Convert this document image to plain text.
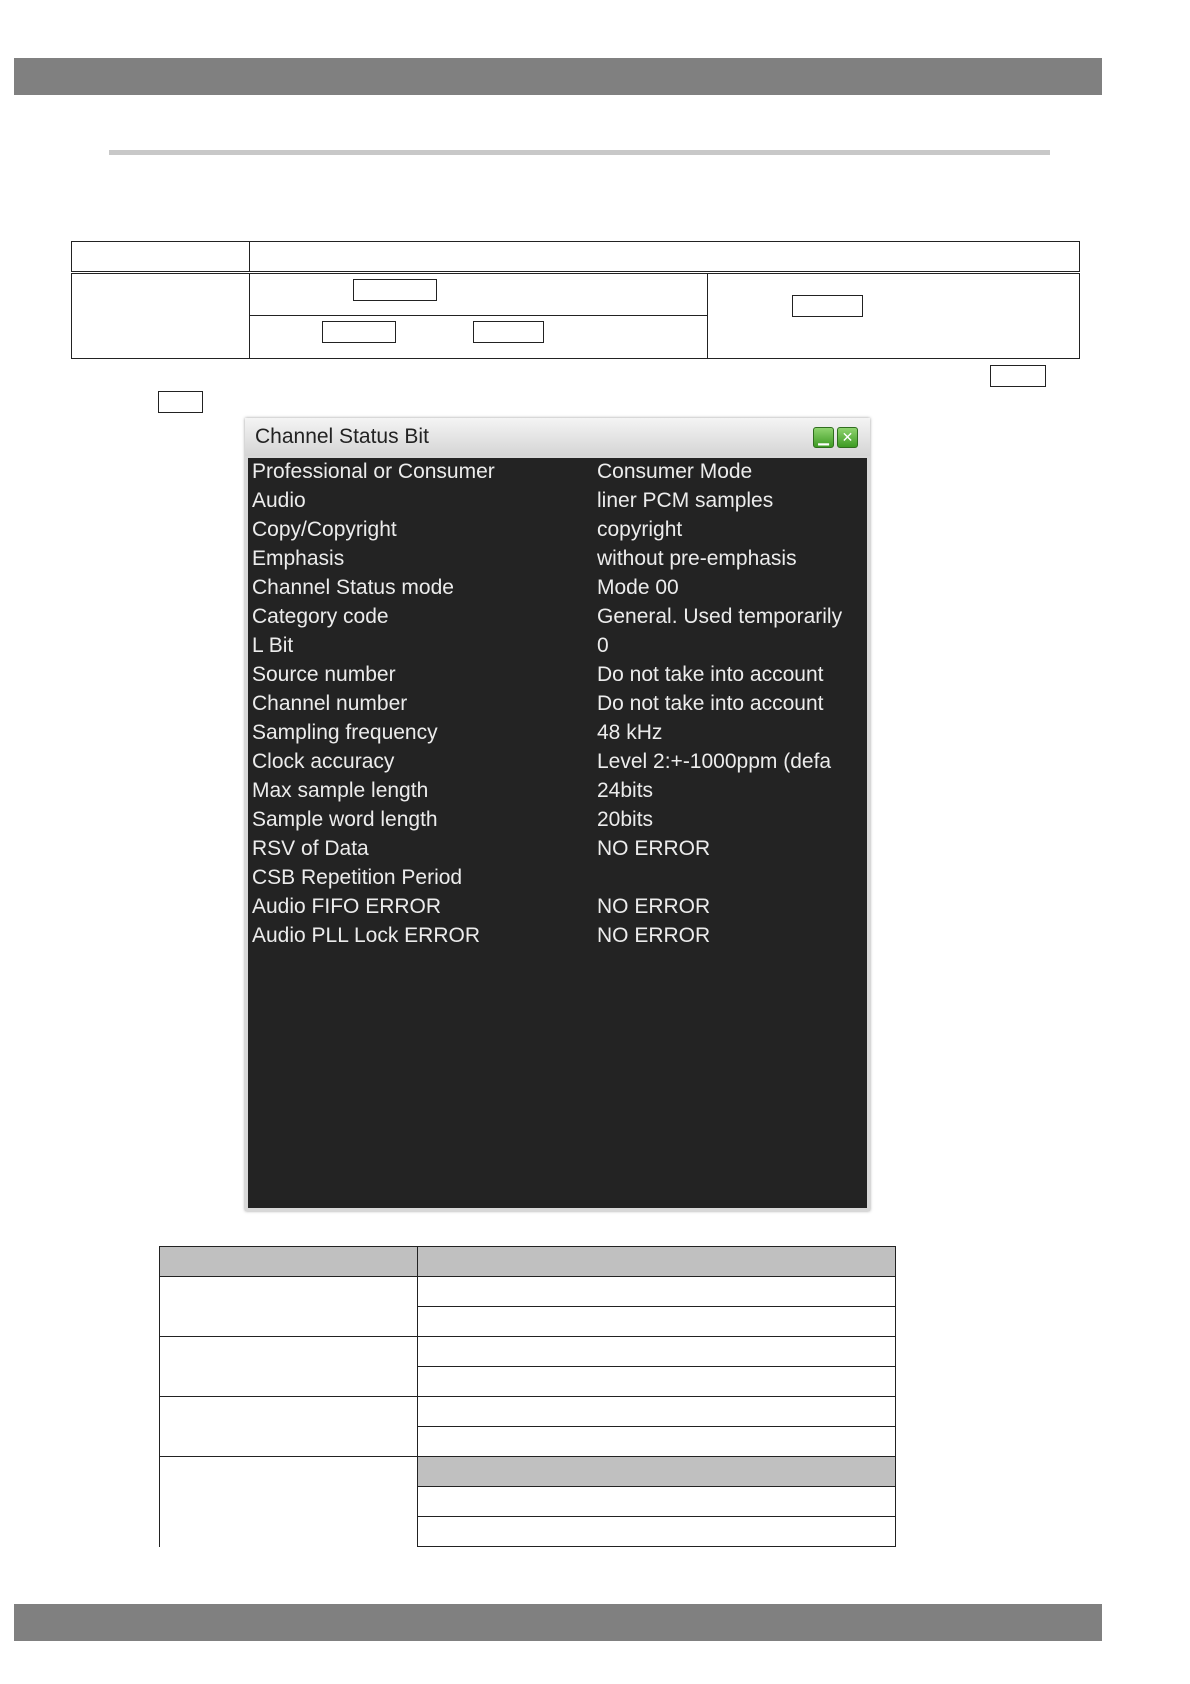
Channel Status Bit	▁ ✕
Professional or Consumer	Consumer Mode
Audio	liner PCM samples
Copy/Copyright	copyright
Emphasis	without pre-emphasis
Channel Status mode	Mode 00
Category code	General. Used temporarily
L Bit	0
Source number	Do not take into account
Channel number	Do not take into account
Sampling frequency	48 kHz
Clock accuracy	Level 2:+-1000ppm (defa
Max sample length	24bits
Sample word length	20bits
RSV of Data	NO ERROR
CSB Repetition Period
Audio FIFO ERROR	NO ERROR
Audio PLL Lock ERROR	NO ERROR
